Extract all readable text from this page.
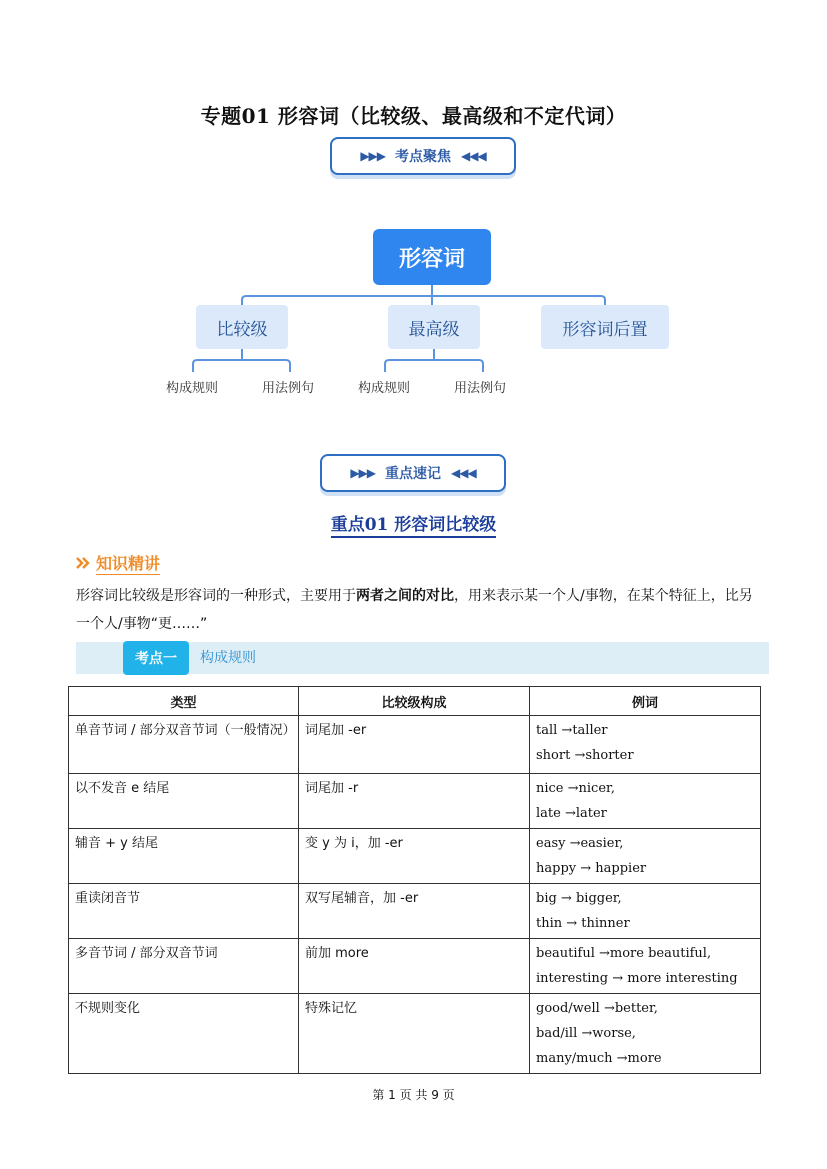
专题01 形容词（比较级、最高级和不定代词）
▶▶▶ 考点聚焦 ◀◀◀
形容词
比较级	最高级	形容词后置
构成规则	用法例句	构成规则	用法例句
▶▶▶ 重点速记 ◀◀◀
重点01 形容词比较级
知识精讲
形容词比较级是形容词的一种形式，主要用于两者之间的对比，用来表示某一个人/事物，在某个特征上，比另一个人/事物“更……”
考点一	构成规则
类型	比较级构成	例词
单音节词 / 部分双音节词（一般情况）	词尾加 -er	tall →taller
short →shorter

以不发音 e 结尾	词尾加 -r	nice →nicer,
late →later

辅音 + y 结尾	变 y 为 i，加 -er	easy →easier,
happy → happier

重读闭音节	双写尾辅音，加 -er	big → bigger,
thin → thinner

多音节词 / 部分双音节词	前加 more	beautiful →more beautiful,
interesting → more interesting

不规则变化	特殊记忆	good/well →better,
bad/ill →worse,
many/much →more
第 1 页 共 9 页
